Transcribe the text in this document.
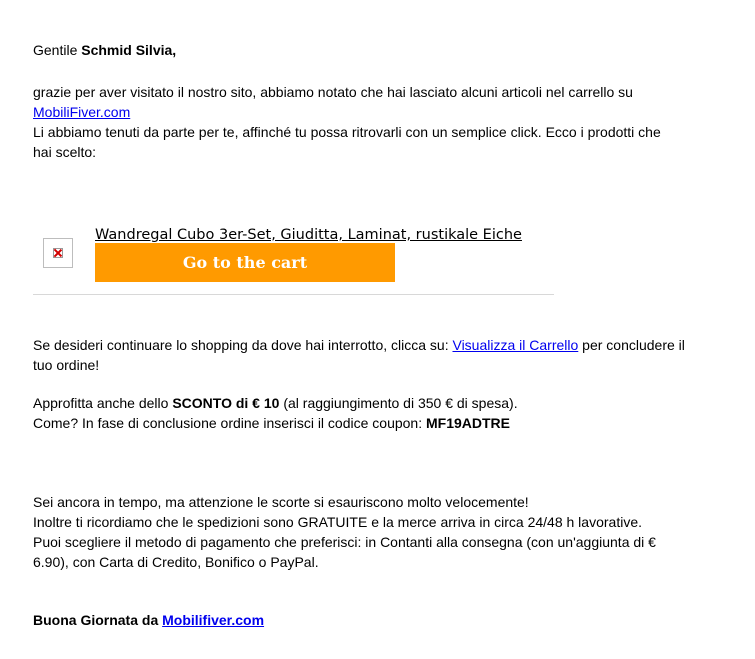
Gentile Schmid Silvia,
grazie per aver visitato il nostro sito, abbiamo notato che hai lasciato alcuni articoli nel carrello su
MobiliFiver.com
Li abbiamo tenuti da parte per te, affinché tu possa ritrovarli con un semplice click. Ecco i prodotti che
hai scelto:
Wandregal Cubo 3er-Set, Giuditta, Laminat, rustikale Eiche
Go to the cart
Se desideri continuare lo shopping da dove hai interrotto, clicca su: Visualizza il Carrello per concludere il
tuo ordine!
Approfitta anche dello SCONTO di € 10 (al raggiungimento di 350 € di spesa).
Come? In fase di conclusione ordine inserisci il codice coupon: MF19ADTRE
Sei ancora in tempo, ma attenzione le scorte si esauriscono molto velocemente!
Inoltre ti ricordiamo che le spedizioni sono GRATUITE e la merce arriva in circa 24/48 h lavorative.
Puoi scegliere il metodo di pagamento che preferisci: in Contanti alla consegna (con un'aggiunta di €
6.90), con Carta di Credito, Bonifico o PayPal.
Buona Giornata da Mobilifiver.com
